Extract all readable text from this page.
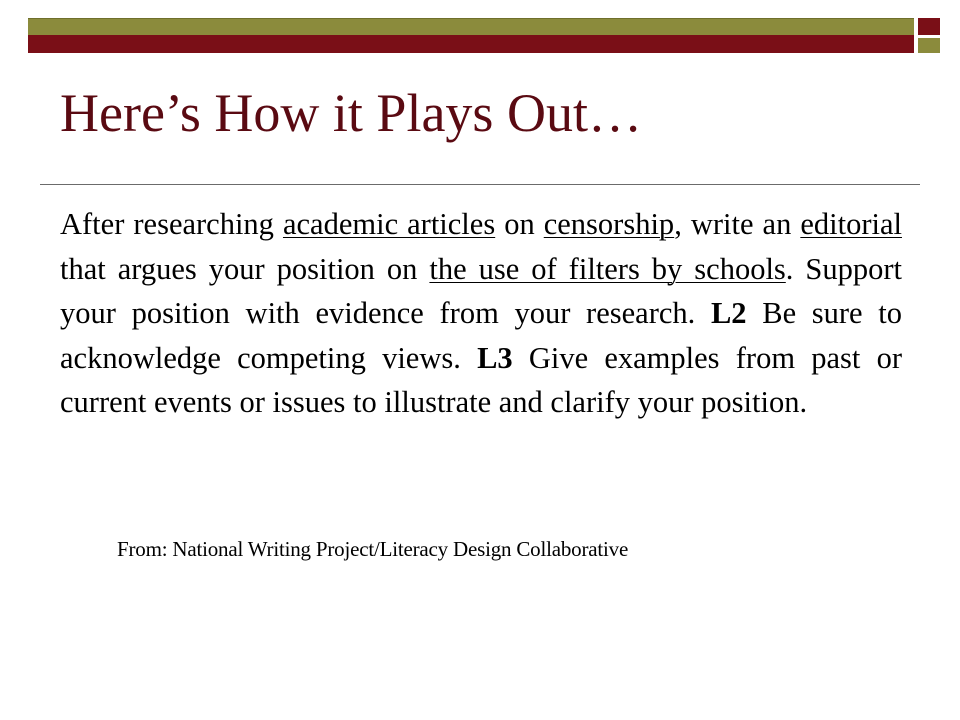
Here’s How it Plays Out…

After researching academic articles on censorship, write an editorial that argues your position on the use of filters by schools. Support your position with evidence from your research. L2 Be sure to acknowledge competing views. L3 Give examples from past or current events or issues to illustrate and clarify your position.

From: National Writing Project/Literacy Design Collaborative
